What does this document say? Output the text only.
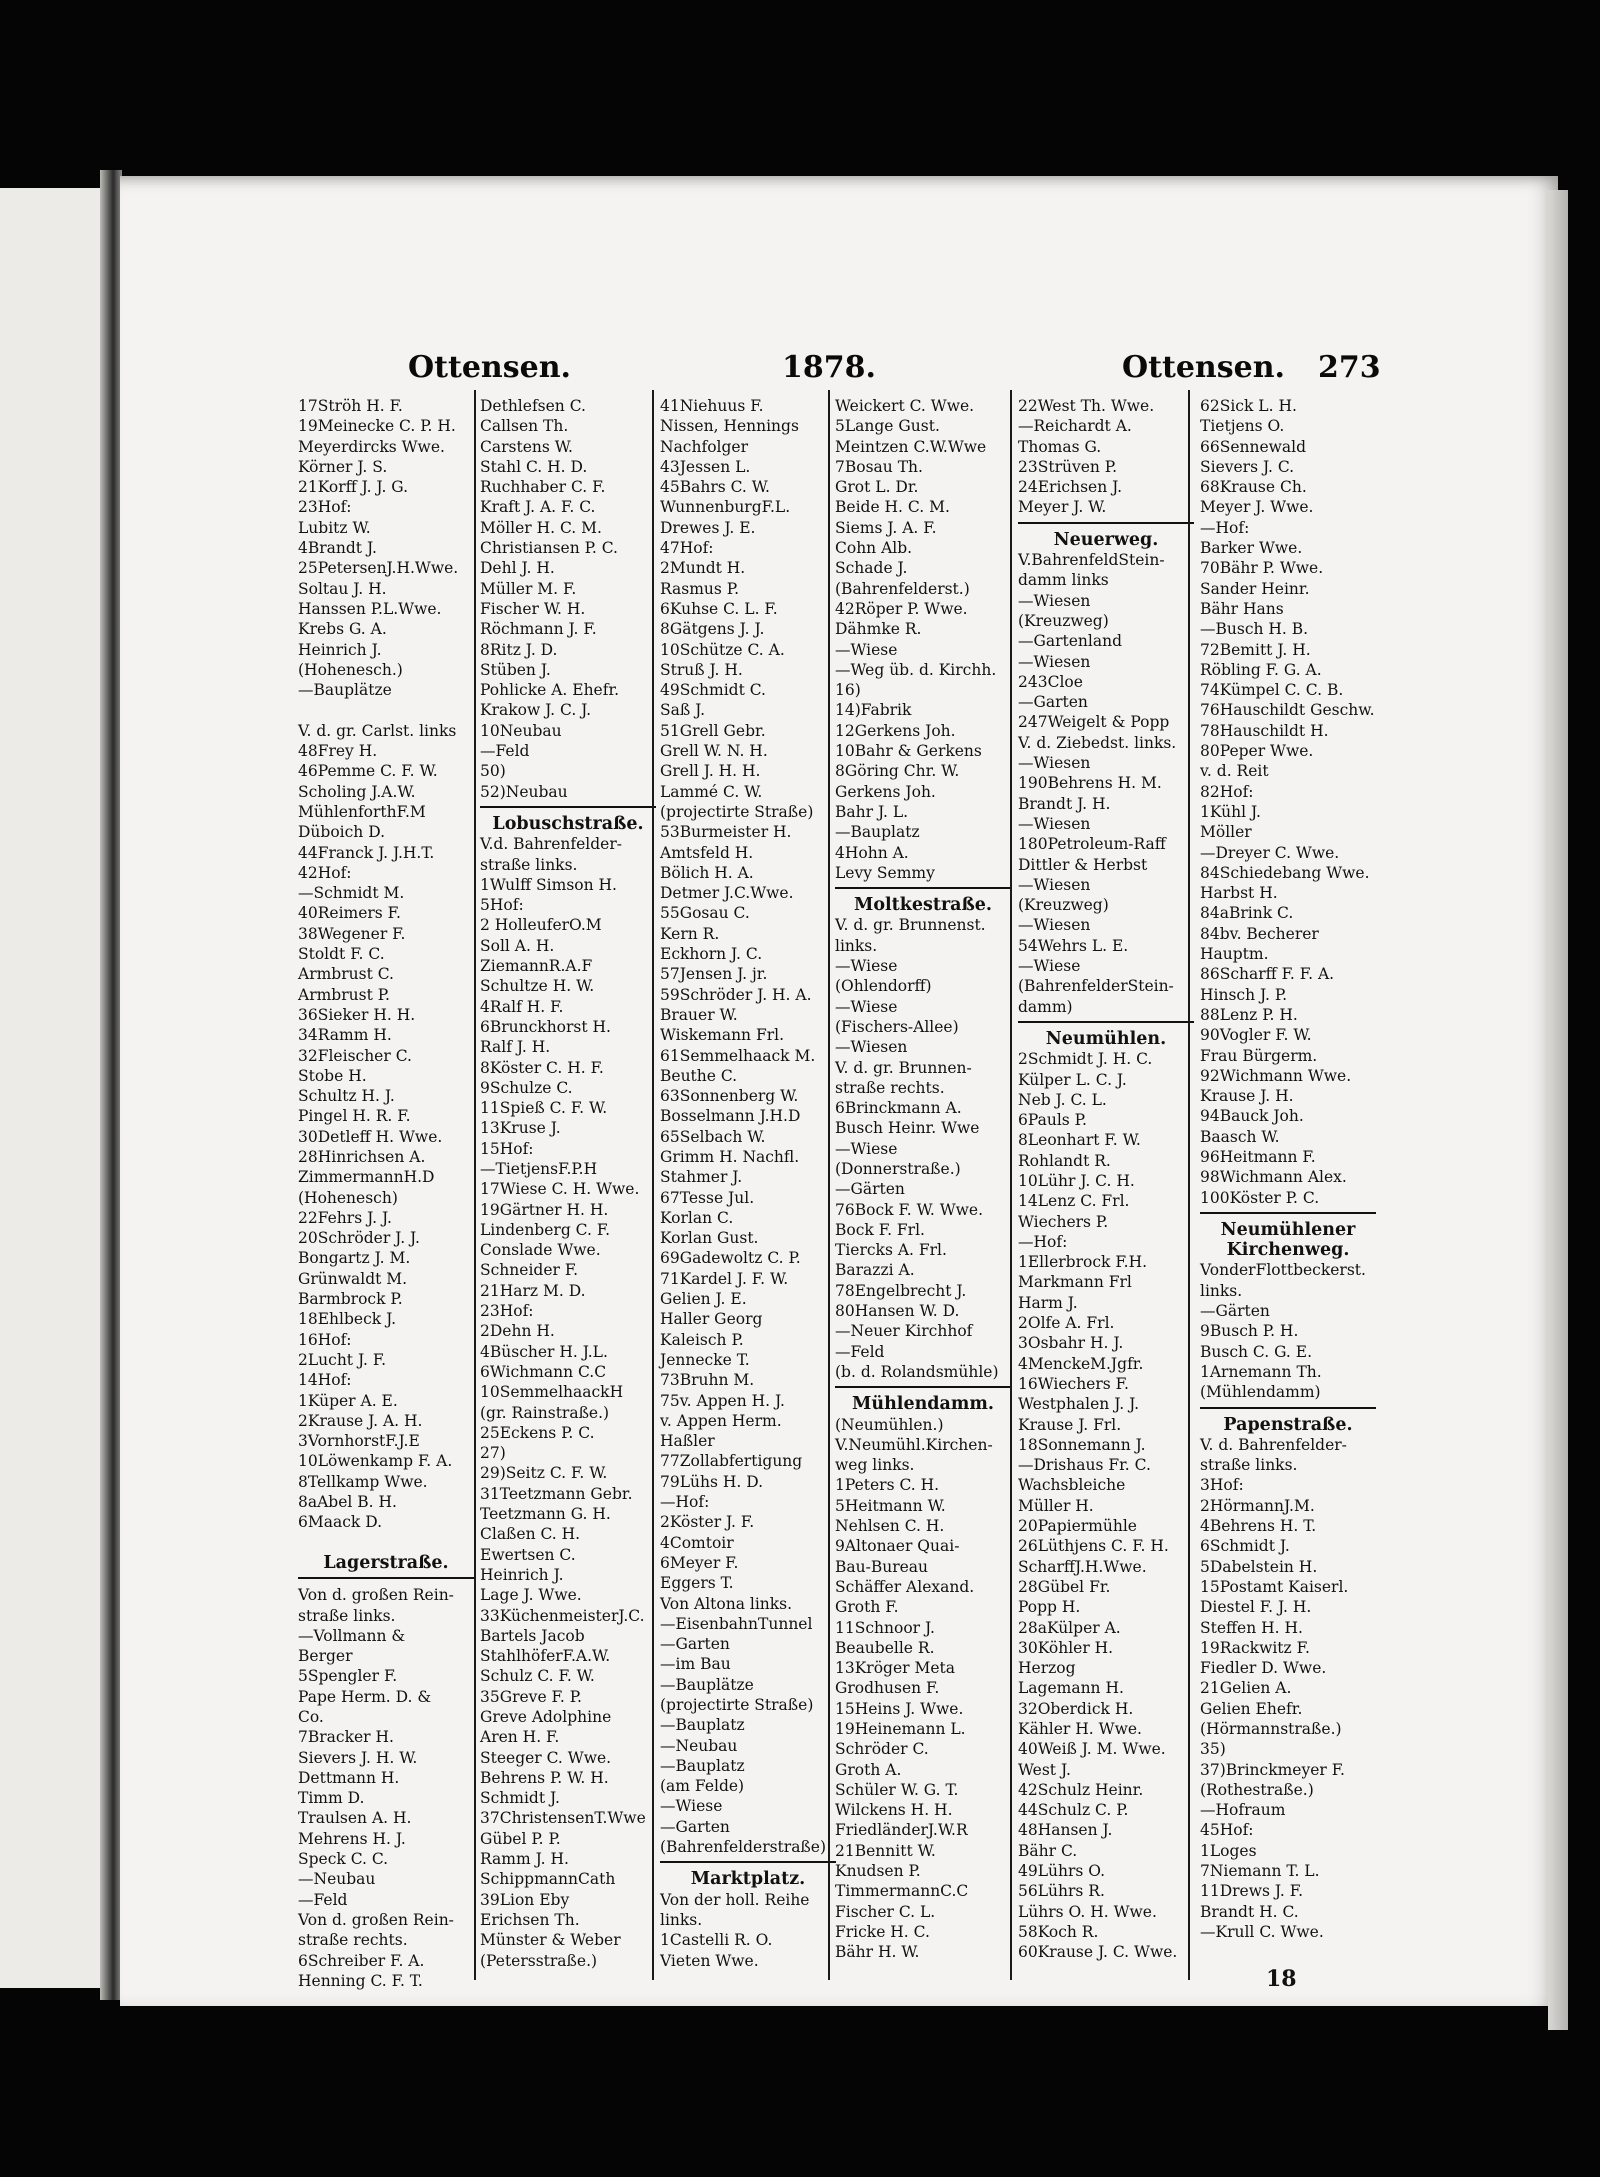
Ottensen.	1878.	Ottensen. 273
17Ströh H. F.
19Meinecke C. P. H.
Meyerdircks Wwe.
Körner J. S.
21Korff J. J. G.
23Hof:
Lubitz W.
4Brandt J.
25PetersenJ.H.Wwe.
Soltau J. H.
Hanssen P.L.Wwe.
Krebs G. A.
Heinrich J.
(Hohenesch.)
—Bauplätze
V. d. gr. Carlst. links
48Frey H.
46Pemme C. F. W.
Scholing J.A.W.
MühlenforthF.M
Düboich D.
44Franck J. J.H.T.
42Hof:
—Schmidt M.
40Reimers F.
38Wegener F.
Stoldt F. C.
Armbrust C.
Armbrust P.
36Sieker H. H.
34Ramm H.
32Fleischer C.
Stobe H.
Schultz H. J.
Pingel H. R. F.
30Detleff H. Wwe.
28Hinrichsen A.
ZimmermannH.D
(Hohenesch)
22Fehrs J. J.
20Schröder J. J.
Bongartz J. M.
Grünwaldt M.
Barmbrock P.
18Ehlbeck J.
16Hof:
2Lucht J. F.
14Hof:
1Küper A. E.
2Krause J. A. H.
3VornhorstF.J.E
10Löwenkamp F. A.
8Tellkamp Wwe.
8aAbel B. H.
6Maack D.
Lagerstraße.
Von d. großen Rein-
straße links.
—Vollmann &
Berger
5Spengler F.
Pape Herm. D. &
Co.
7Bracker H.
Sievers J. H. W.
Dettmann H.
Timm D.
Traulsen A. H.
Mehrens H. J.
Speck C. C.
—Neubau
—Feld
Von d. großen Rein-
straße rechts.
6Schreiber F. A.
Henning C. F. T.
Dethlefsen C.
Callsen Th.
Carstens W.
Stahl C. H. D.
Ruchhaber C. F.
Kraft J. A. F. C.
Möller H. C. M.
Christiansen P. C.
Dehl J. H.
Müller M. F.
Fischer W. H.
Röchmann J. F.
8Ritz J. D.
Stüben J.
Pohlicke A. Ehefr.
Krakow J. C. J.
10Neubau
—Feld
50)
52)Neubau
Lobuschstraße.
V.d. Bahrenfelder-
straße links.
1Wulff Simson H.
5Hof:
2 HolleuferO.M
Soll A. H.
ZiemannR.A.F
Schultze H. W.
4Ralf H. F.
6Brunckhorst H.
Ralf J. H.
8Köster C. H. F.
9Schulze C.
11Spieß C. F. W.
13Kruse J.
15Hof:
—TietjensF.P.H
17Wiese C. H. Wwe.
19Gärtner H. H.
Lindenberg C. F.
Conslade Wwe.
Schneider F.
21Harz M. D.
23Hof:
2Dehn H.
4Büscher H. J.L.
6Wichmann C.C
10SemmelhaackH
(gr. Rainstraße.)
25Eckens P. C.
27)
29)Seitz C. F. W.
31Teetzmann Gebr.
Teetzmann G. H.
Claßen C. H.
Ewertsen C.
Heinrich J.
Lage J. Wwe.
33KüchenmeisterJ.C.
Bartels Jacob
StahlhöferF.A.W.
Schulz C. F. W.
35Greve F. P.
Greve Adolphine
Aren H. F.
Steeger C. Wwe.
Behrens P. W. H.
Schmidt J.
37ChristensenT.Wwe
Gübel P. P.
Ramm J. H.
SchippmannCath
39Lion Eby
Erichsen Th.
Münster & Weber
(Petersstraße.)
41Niehuus F.
Nissen, Hennings
Nachfolger
43Jessen L.
45Bahrs C. W.
WunnenburgF.L.
Drewes J. E.
47Hof:
2Mundt H.
Rasmus P.
6Kuhse C. L. F.
8Gätgens J. J.
10Schütze C. A.
Struß J. H.
49Schmidt C.
Saß J.
51Grell Gebr.
Grell W. N. H.
Grell J. H. H.
Lammé C. W.
(projectirte Straße)
53Burmeister H.
Amtsfeld H.
Bölich H. A.
Detmer J.C.Wwe.
55Gosau C.
Kern R.
Eckhorn J. C.
57Jensen J. jr.
59Schröder J. H. A.
Brauer W.
Wiskemann Frl.
61Semmelhaack M.
Beuthe C.
63Sonnenberg W.
Bosselmann J.H.D
65Selbach W.
Grimm H. Nachfl.
Stahmer J.
67Tesse Jul.
Korlan C.
Korlan Gust.
69Gadewoltz C. P.
71Kardel J. F. W.
Gelien J. E.
Haller Georg
Kaleisch P.
Jennecke T.
73Bruhn M.
75v. Appen H. J.
v. Appen Herm.
Haßler
77Zollabfertigung
79Lühs H. D.
—Hof:
2Köster J. F.
4Comtoir
6Meyer F.
Eggers T.
Von Altona links.
—EisenbahnTunnel
—Garten
—im Bau
—Bauplätze
(projectirte Straße)
—Bauplatz
—Neubau
—Bauplatz
(am Felde)
—Wiese
—Garten
(Bahrenfelderstraße)
Marktplatz.
Von der holl. Reihe
links.
1Castelli R. O.
Vieten Wwe.
Weickert C. Wwe.
5Lange Gust.
Meintzen C.W.Wwe
7Bosau Th.
Grot L. Dr.
Beide H. C. M.
Siems J. A. F.
Cohn Alb.
Schade J.
(Bahrenfelderst.)
42Röper P. Wwe.
Dähmke R.
—Wiese
—Weg üb. d. Kirchh.
16)
14)Fabrik
12Gerkens Joh.
10Bahr & Gerkens
8Göring Chr. W.
Gerkens Joh.
Bahr J. L.
—Bauplatz
4Hohn A.
Levy Semmy
Moltkestraße.
V. d. gr. Brunnenst.
links.
—Wiese
(Ohlendorff)
—Wiese
(Fischers-Allee)
—Wiesen
V. d. gr. Brunnen-
straße rechts.
6Brinckmann A.
Busch Heinr. Wwe
—Wiese
(Donnerstraße.)
—Gärten
76Bock F. W. Wwe.
Bock F. Frl.
Tiercks A. Frl.
Barazzi A.
78Engelbrecht J.
80Hansen W. D.
—Neuer Kirchhof
—Feld
(b. d. Rolandsmühle)
Mühlendamm.
(Neumühlen.)
V.Neumühl.Kirchen-
weg links.
1Peters C. H.
5Heitmann W.
Nehlsen C. H.
9Altonaer Quai-
Bau-Bureau
Schäffer Alexand.
Groth F.
11Schnoor J.
Beaubelle R.
13Kröger Meta
Grodhusen F.
15Heins J. Wwe.
19Heinemann L.
Schröder C.
Groth A.
Schüler W. G. T.
Wilckens H. H.
FriedländerJ.W.R
21Bennitt W.
Knudsen P.
TimmermannC.C
Fischer C. L.
Fricke H. C.
Bähr H. W.
22West Th. Wwe.
—Reichardt A.
Thomas G.
23Strüven P.
24Erichsen J.
Meyer J. W.
Neuerweg.
V.BahrenfeldStein-
damm links
—Wiesen
(Kreuzweg)
—Gartenland
—Wiesen
243Cloe
—Garten
247Weigelt & Popp
V. d. Ziebedst. links.
—Wiesen
190Behrens H. M.
Brandt J. H.
—Wiesen
180Petroleum-Raff
Dittler & Herbst
—Wiesen
(Kreuzweg)
—Wiesen
54Wehrs L. E.
—Wiese
(BahrenfelderStein-
damm)
Neumühlen.
2Schmidt J. H. C.
Külper L. C. J.
Neb J. C. L.
6Pauls P.
8Leonhart F. W.
Rohlandt R.
10Lühr J. C. H.
14Lenz C. Frl.
Wiechers P.
—Hof:
1Ellerbrock F.H.
Markmann Frl
Harm J.
2Olfe A. Frl.
3Osbahr H. J.
4MenckeM.Jgfr.
16Wiechers F.
Westphalen J. J.
Krause J. Frl.
18Sonnemann J.
—Drishaus Fr. C.
Wachsbleiche
Müller H.
20Papiermühle
26Lüthjens C. F. H.
ScharffJ.H.Wwe.
28Gübel Fr.
Popp H.
28aKülper A.
30Köhler H.
Herzog
Lagemann H.
32Oberdick H.
Kähler H. Wwe.
40Weiß J. M. Wwe.
West J.
42Schulz Heinr.
44Schulz C. P.
48Hansen J.
Bähr C.
49Lührs O.
56Lührs R.
Lührs O. H. Wwe.
58Koch R.
60Krause J. C. Wwe.
62Sick L. H.
Tietjens O.
66Sennewald
Sievers J. C.
68Krause Ch.
Meyer J. Wwe.
—Hof:
Barker Wwe.
70Bähr P. Wwe.
Sander Heinr.
Bähr Hans
—Busch H. B.
72Bemitt J. H.
Röbling F. G. A.
74Kümpel C. C. B.
76Hauschildt Geschw.
78Hauschildt H.
80Peper Wwe.
v. d. Reit
82Hof:
1Kühl J.
Möller
—Dreyer C. Wwe.
84Schiedebang Wwe.
Harbst H.
84aBrink C.
84bv. Becherer
Hauptm.
86Scharff F. F. A.
Hinsch J. P.
88Lenz P. H.
90Vogler F. W.
Frau Bürgerm.
92Wichmann Wwe.
Krause J. H.
94Bauck Joh.
Baasch W.
96Heitmann F.
98Wichmann Alex.
100Köster P. C.
Neumühlener
Kirchenweg.
VonderFlottbeckerst.
links.
—Gärten
9Busch P. H.
Busch C. G. E.
1Arnemann Th.
(Mühlendamm)
Papenstraße.
V. d. Bahrenfelder-
straße links.
3Hof:
2HörmannJ.M.
4Behrens H. T.
6Schmidt J.
5Dabelstein H.
15Postamt Kaiserl.
Diestel F. J. H.
Steffen H. H.
19Rackwitz F.
Fiedler D. Wwe.
21Gelien A.
Gelien Ehefr.
(Hörmannstraße.)
35)
37)Brinckmeyer F.
(Rothestraße.)
—Hofraum
45Hof:
1Loges
7Niemann T. L.
11Drews J. F.
Brandt H. C.
—Krull C. Wwe.
18
